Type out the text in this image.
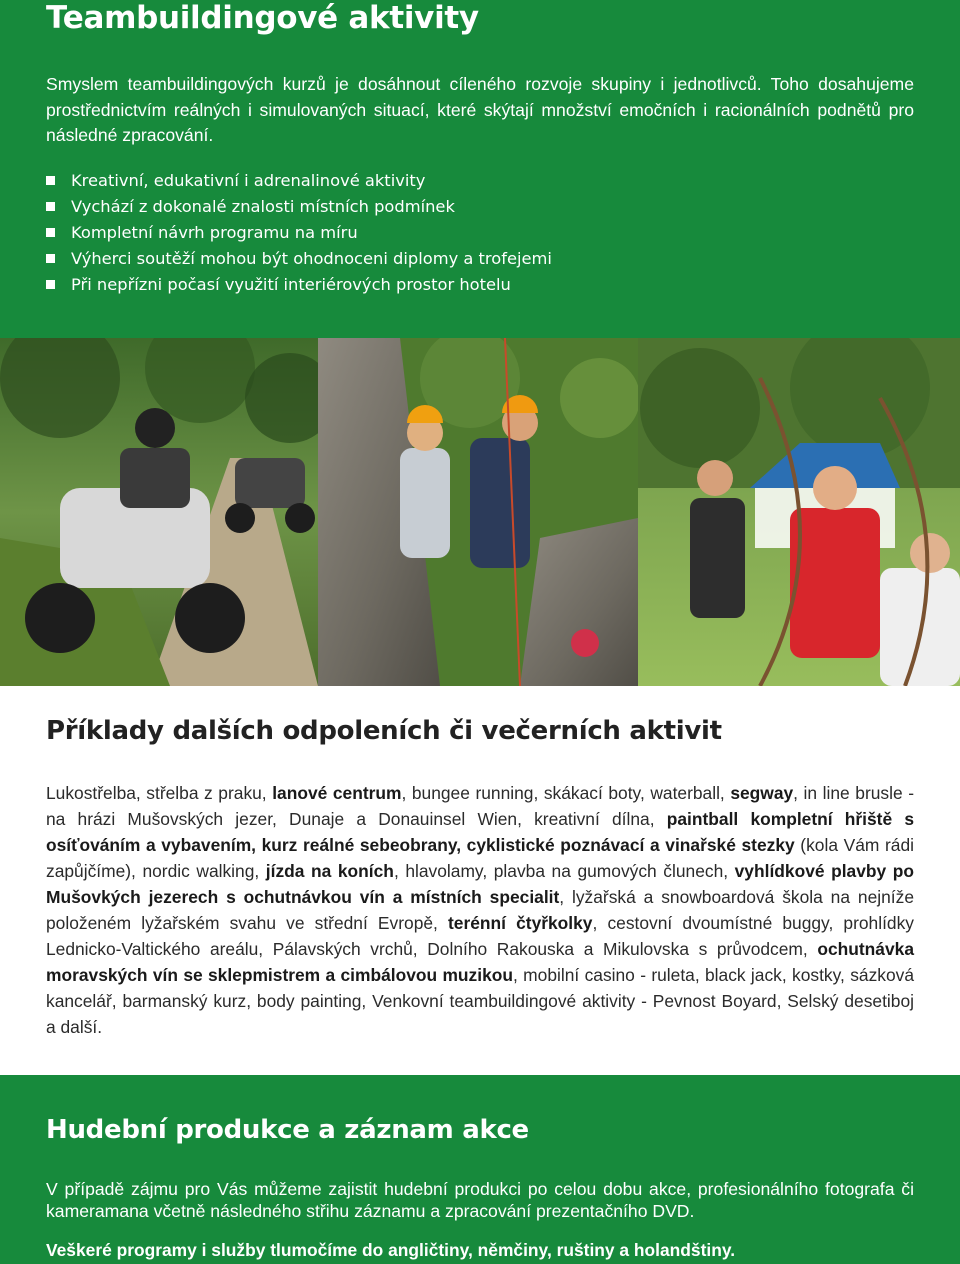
Teambuildingové aktivity

Smyslem teambuildingových kurzů je dosáhnout cíleného rozvoje skupiny i jednotlivců. Toho dosahujeme prostřednictvím reálných i simulovaných situací, které skýtají množství emočních i racionálních podnětů pro následné zpracování.

Kreativní, edukativní i adrenalinové aktivity
Vychází z dokonalé znalosti místních podmínek
Kompletní návrh programu na míru
Výherci soutěží mohou být ohodnoceni diplomy a trofejemi
Při nepřízni počasí využití interiérových prostor hotelu
Příklady dalších odpoleních či večerních aktivit

Lukostřelba, střelba z praku, lanové centrum, bungee running, skákací boty, waterball, segway, in line brusle - na hrázi Mušovských jezer, Dunaje a Donauinsel Wien, kreativní dílna, paintball kompletní hřiště s osíťováním a vybavením, kurz reálné sebeobrany, cyklistické poznávací a vinařské stezky (kola Vám rádi zapůjčíme), nordic walking, jízda na koních, hlavolamy, plavba na gumových člunech, vyhlídkové plavby po Mušovkých jezerech s ochutnávkou vín a místních specialit, lyžařská a snowboardová škola na nejníže položeném lyžařském svahu ve střední Evropě, terénní čtyřkolky, cestovní dvoumístné buggy, prohlídky Lednicko-Valtického areálu, Pálavských vrchů, Dolního Rakouska a Mikulovska s průvodcem, ochutnávka moravských vín se sklepmistrem a cimbálovou muzikou, mobilní casino - ruleta, black jack, kostky, sázková kancelář, barmanský kurz, body painting, Venkovní teambuildingové aktivity - Pevnost Boyard, Selský desetiboj a další.

Hudební produkce a záznam akce

V případě zájmu pro Vás můžeme zajistit hudební produkci po celou dobu akce, profesionálního fotografa či kameramana včetně následného střihu záznamu a zpracování prezentačního DVD.

Veškeré programy i služby tlumočíme do angličtiny, němčiny, ruštiny a holandštiny.
